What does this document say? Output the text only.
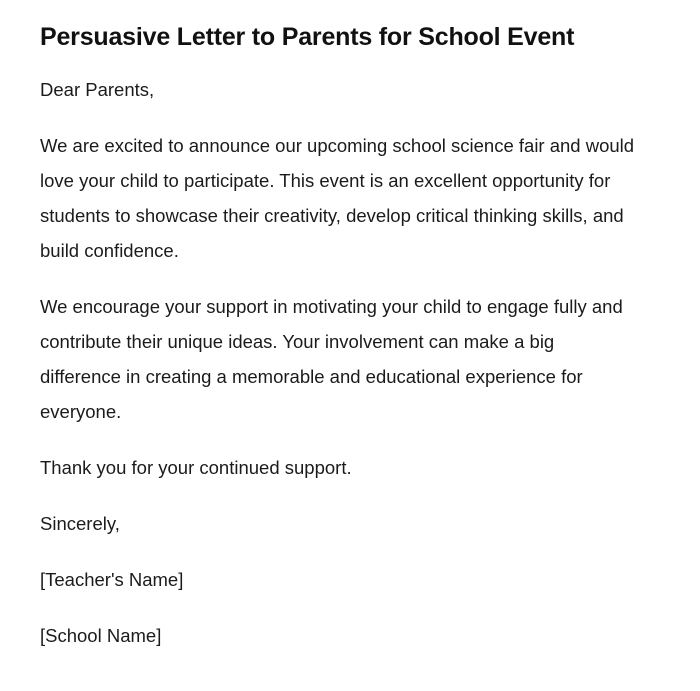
Persuasive Letter to Parents for School Event

Dear Parents,

We are excited to announce our upcoming school science fair and would love your child to participate. This event is an excellent opportunity for students to showcase their creativity, develop critical thinking skills, and build confidence.

We encourage your support in motivating your child to engage fully and contribute their unique ideas. Your involvement can make a big difference in creating a memorable and educational experience for everyone.

Thank you for your continued support.

Sincerely,

[Teacher's Name]

[School Name]
